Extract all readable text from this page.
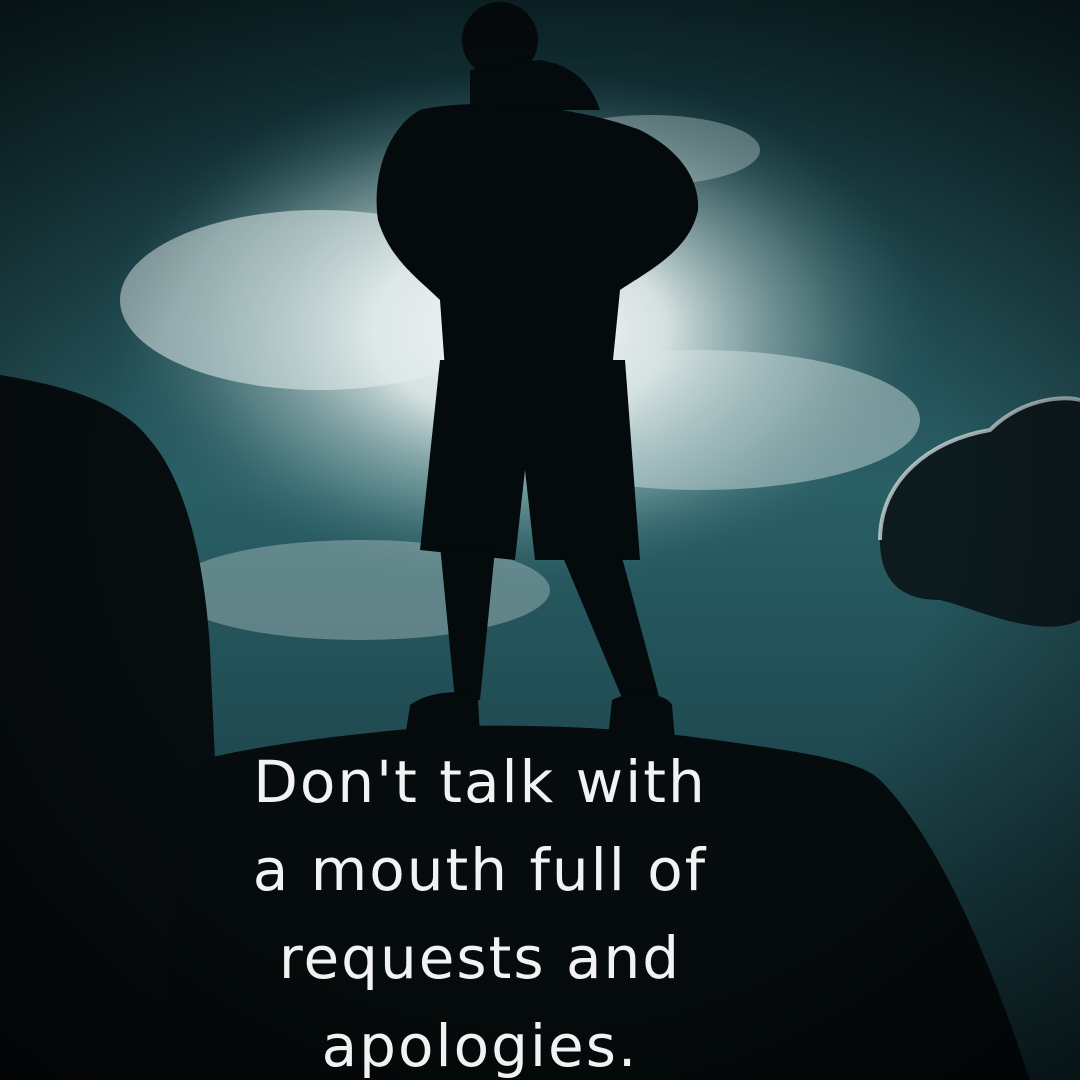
Don't talk with
a mouth full of
requests and
apologies.
